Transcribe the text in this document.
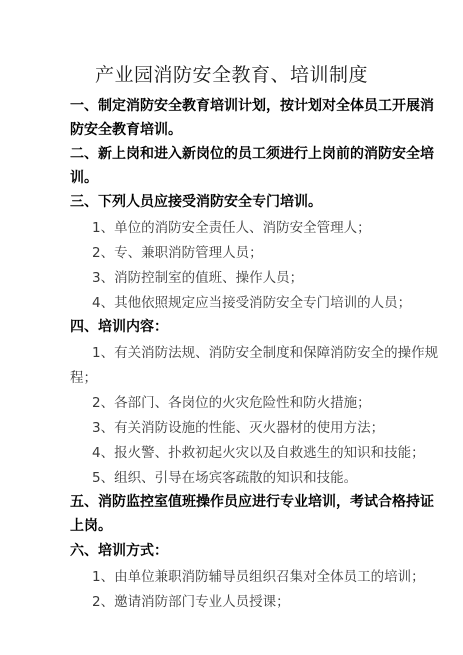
产业园消防安全教育、培训制度
一、制定消防安全教育培训计划，按计划对全体员工开展消
防安全教育培训。
二、新上岗和进入新岗位的员工须进行上岗前的消防安全培
训。
三、下列人员应接受消防安全专门培训。
1、单位的消防安全责任人、消防安全管理人；
2、专、兼职消防管理人员；
3、消防控制室的值班、操作人员；
4、其他依照规定应当接受消防安全专门培训的人员；
四、培训内容：
1、有关消防法规、消防安全制度和保障消防安全的操作规
程；
2、各部门、各岗位的火灾危险性和防火措施；
3、有关消防设施的性能、灭火器材的使用方法；
4、报火警、扑救初起火灾以及自救逃生的知识和技能；
5、组织、引导在场宾客疏散的知识和技能。
五、消防监控室值班操作员应进行专业培训，考试合格持证
上岗。
六、培训方式：
1、由单位兼职消防辅导员组织召集对全体员工的培训；
2、邀请消防部门专业人员授课；
